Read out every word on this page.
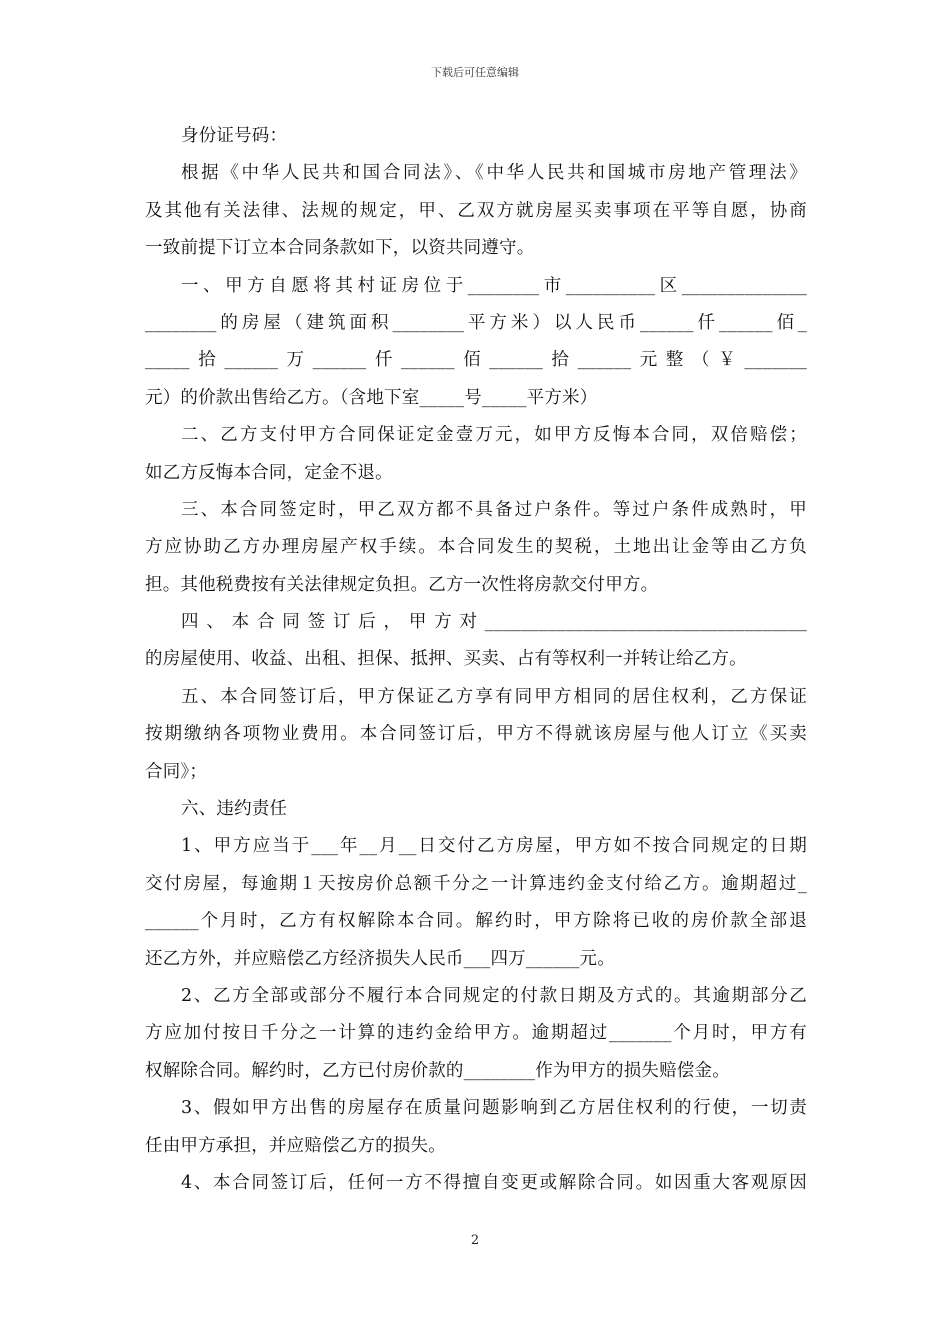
下载后可任意编辑
身份证号码：
根据《中华人民共和国合同法》、《中华人民共和国城市房地产管理法》
及其他有关法律、法规的规定，甲、乙双方就房屋买卖事项在平等自愿，协商
一致前提下订立本合同条款如下，以资共同遵守。
一、甲方自愿将其村证房位于________市__________区______________
________的房屋（建筑面积________平方米）以人民币______仟______佰_
_____拾______万______仟______佰______拾______元整（￥_______
元）的价款出售给乙方。（含地下室_____号_____平方米）
二、乙方支付甲方合同保证定金壹万元，如甲方反悔本合同，双倍赔偿；
如乙方反悔本合同，定金不退。
三、本合同签定时，甲乙双方都不具备过户条件。等过户条件成熟时，甲
方应协助乙方办理房屋产权手续。本合同发生的契税，土地出让金等由乙方负
担。其他税费按有关法律规定负担。乙方一次性将房款交付甲方。
四、本合同签订后，甲方对____________________________________
的房屋使用、收益、出租、担保、抵押、买卖、占有等权利一并转让给乙方。
五、本合同签订后，甲方保证乙方享有同甲方相同的居住权利，乙方保证
按期缴纳各项物业费用。本合同签订后，甲方不得就该房屋与他人订立《买卖
合同》；
六、违约责任
1、甲方应当于___年__月__日交付乙方房屋，甲方如不按合同规定的日期
交付房屋，每逾期１天按房价总额千分之一计算违约金支付给乙方。逾期超过_
______个月时，乙方有权解除本合同。解约时，甲方除将已收的房价款全部退
还乙方外，并应赔偿乙方经济损失人民币___四万______元。
2、乙方全部或部分不履行本合同规定的付款日期及方式的。其逾期部分乙
方应加付按日千分之一计算的违约金给甲方。逾期超过_______个月时，甲方有
权解除合同。解约时，乙方已付房价款的________作为甲方的损失赔偿金。
3、假如甲方出售的房屋存在质量问题影响到乙方居住权利的行使，一切责
任由甲方承担，并应赔偿乙方的损失。
4、本合同签订后，任何一方不得擅自变更或解除合同。如因重大客观原因
2
